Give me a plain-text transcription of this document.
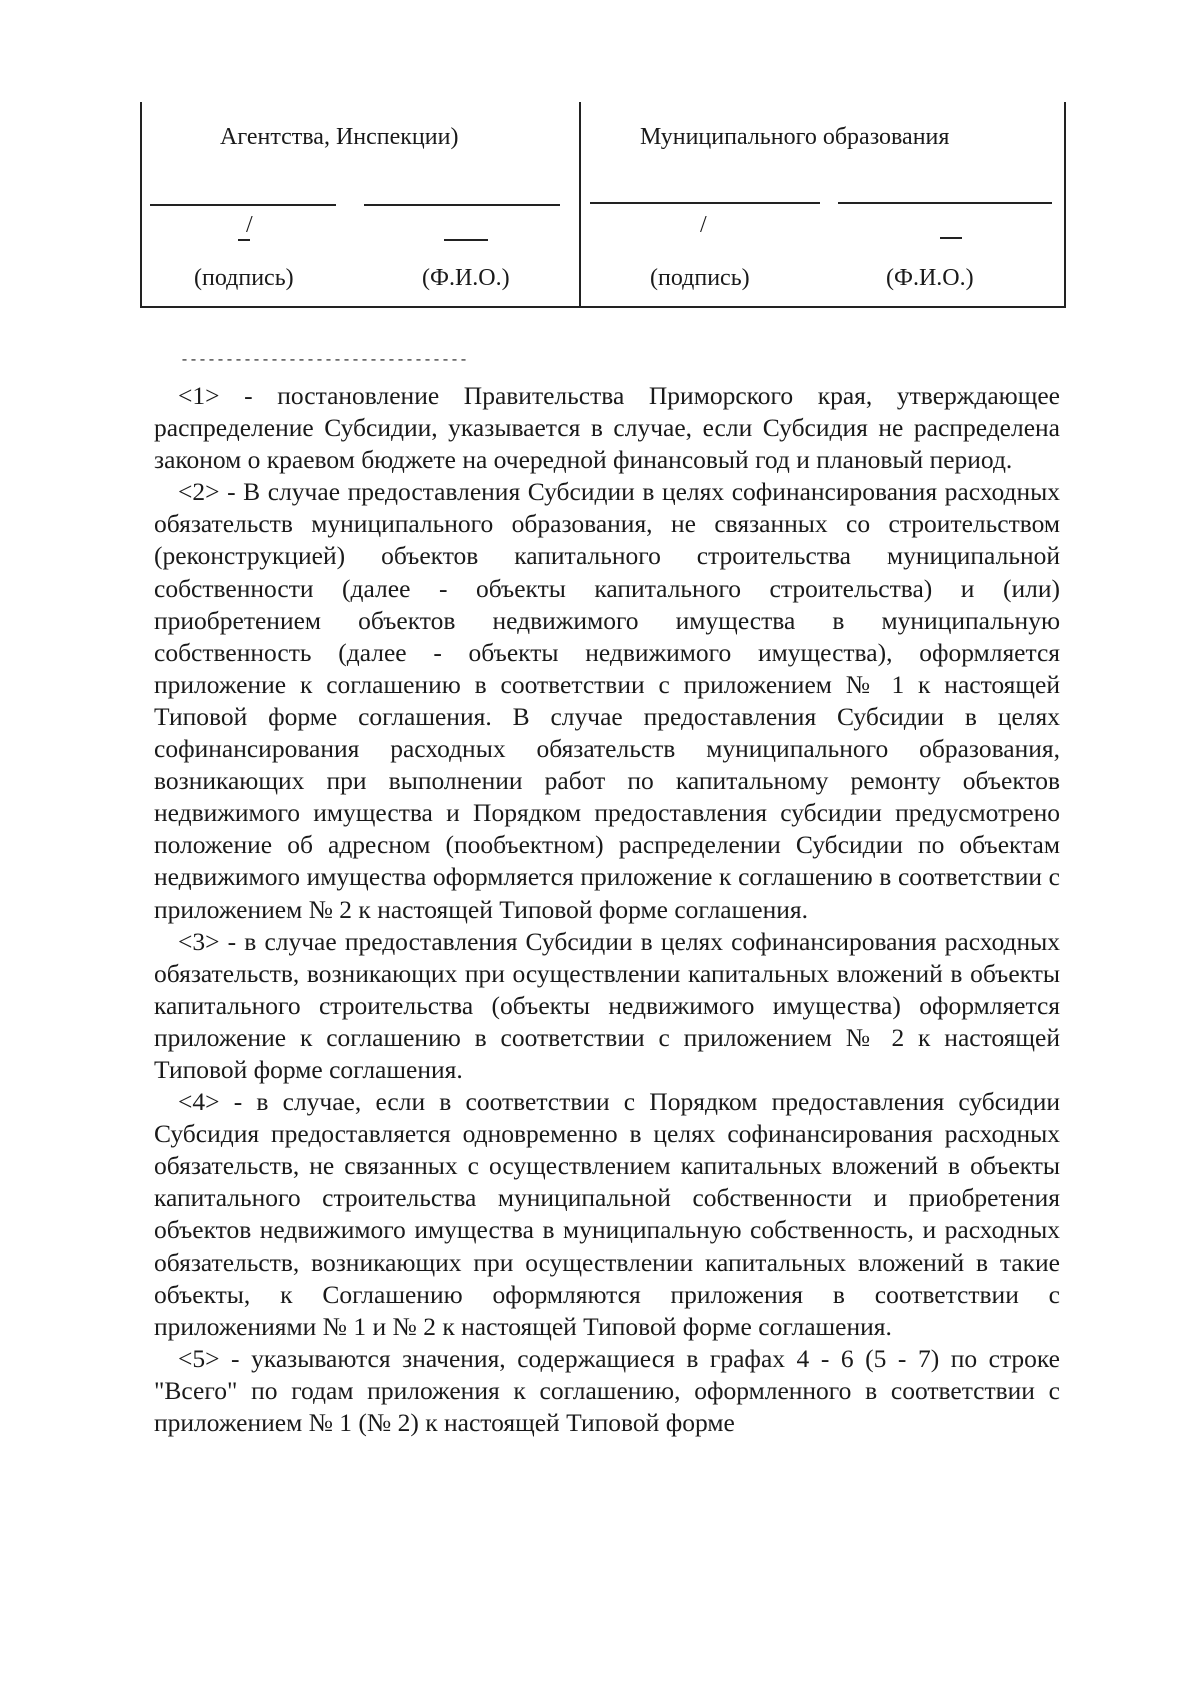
Агентства, Инспекции)	Муниципального образования
/	/
(подпись)	(Ф.И.О.)	(подпись)	(Ф.И.О.)
--------------------------------

<1> - постановление Правительства Приморского края, утверждающее распределение Субсидии, указывается в случае, если Субсидия не распределена законом о краевом бюджете на очередной финансовый год и плановый период.

<2> - В случае предоставления Субсидии в целях софинансирования расходных обязательств муниципального образования, не связанных со строительством (реконструкцией) объектов капитального строительства муниципальной собственности (далее - объекты капитального строительства) и (или) приобретением объектов недвижимого имущества в муниципальную собственность (далее - объекты недвижимого имущества), оформляется приложение к соглашению в соответствии с приложением № 1 к настоящей Типовой форме соглашения. В случае предоставления Субсидии в целях софинансирования расходных обязательств муниципального образования, возникающих при выполнении работ по капитальному ремонту объектов недвижимого имущества и Порядком предоставления субсидии предусмотрено положение об адресном (пообъектном) распределении Субсидии по объектам недвижимого имущества оформляется приложение к соглашению в соответствии с приложением № 2 к настоящей Типовой форме соглашения.

<3> - в случае предоставления Субсидии в целях софинансирования расходных обязательств, возникающих при осуществлении капитальных вложений в объекты капитального строительства (объекты недвижимого имущества) оформляется приложение к соглашению в соответствии с приложением № 2 к настоящей Типовой форме соглашения.

<4> - в случае, если в соответствии с Порядком предоставления субсидии Субсидия предоставляется одновременно в целях софинансирования расходных обязательств, не связанных с осуществлением капитальных вложений в объекты капитального строительства муниципальной собственности и приобретения объектов недвижимого имущества в муниципальную собственность, и расходных обязательств, возникающих при осуществлении капитальных вложений в такие объекты, к Соглашению оформляются приложения в соответствии с приложениями № 1 и № 2 к настоящей Типовой форме соглашения.

<5> - указываются значения, содержащиеся в графах 4 - 6 (5 - 7) по строке "Всего" по годам приложения к соглашению, оформленного в соответствии с приложением № 1 (№ 2) к настоящей Типовой форме
